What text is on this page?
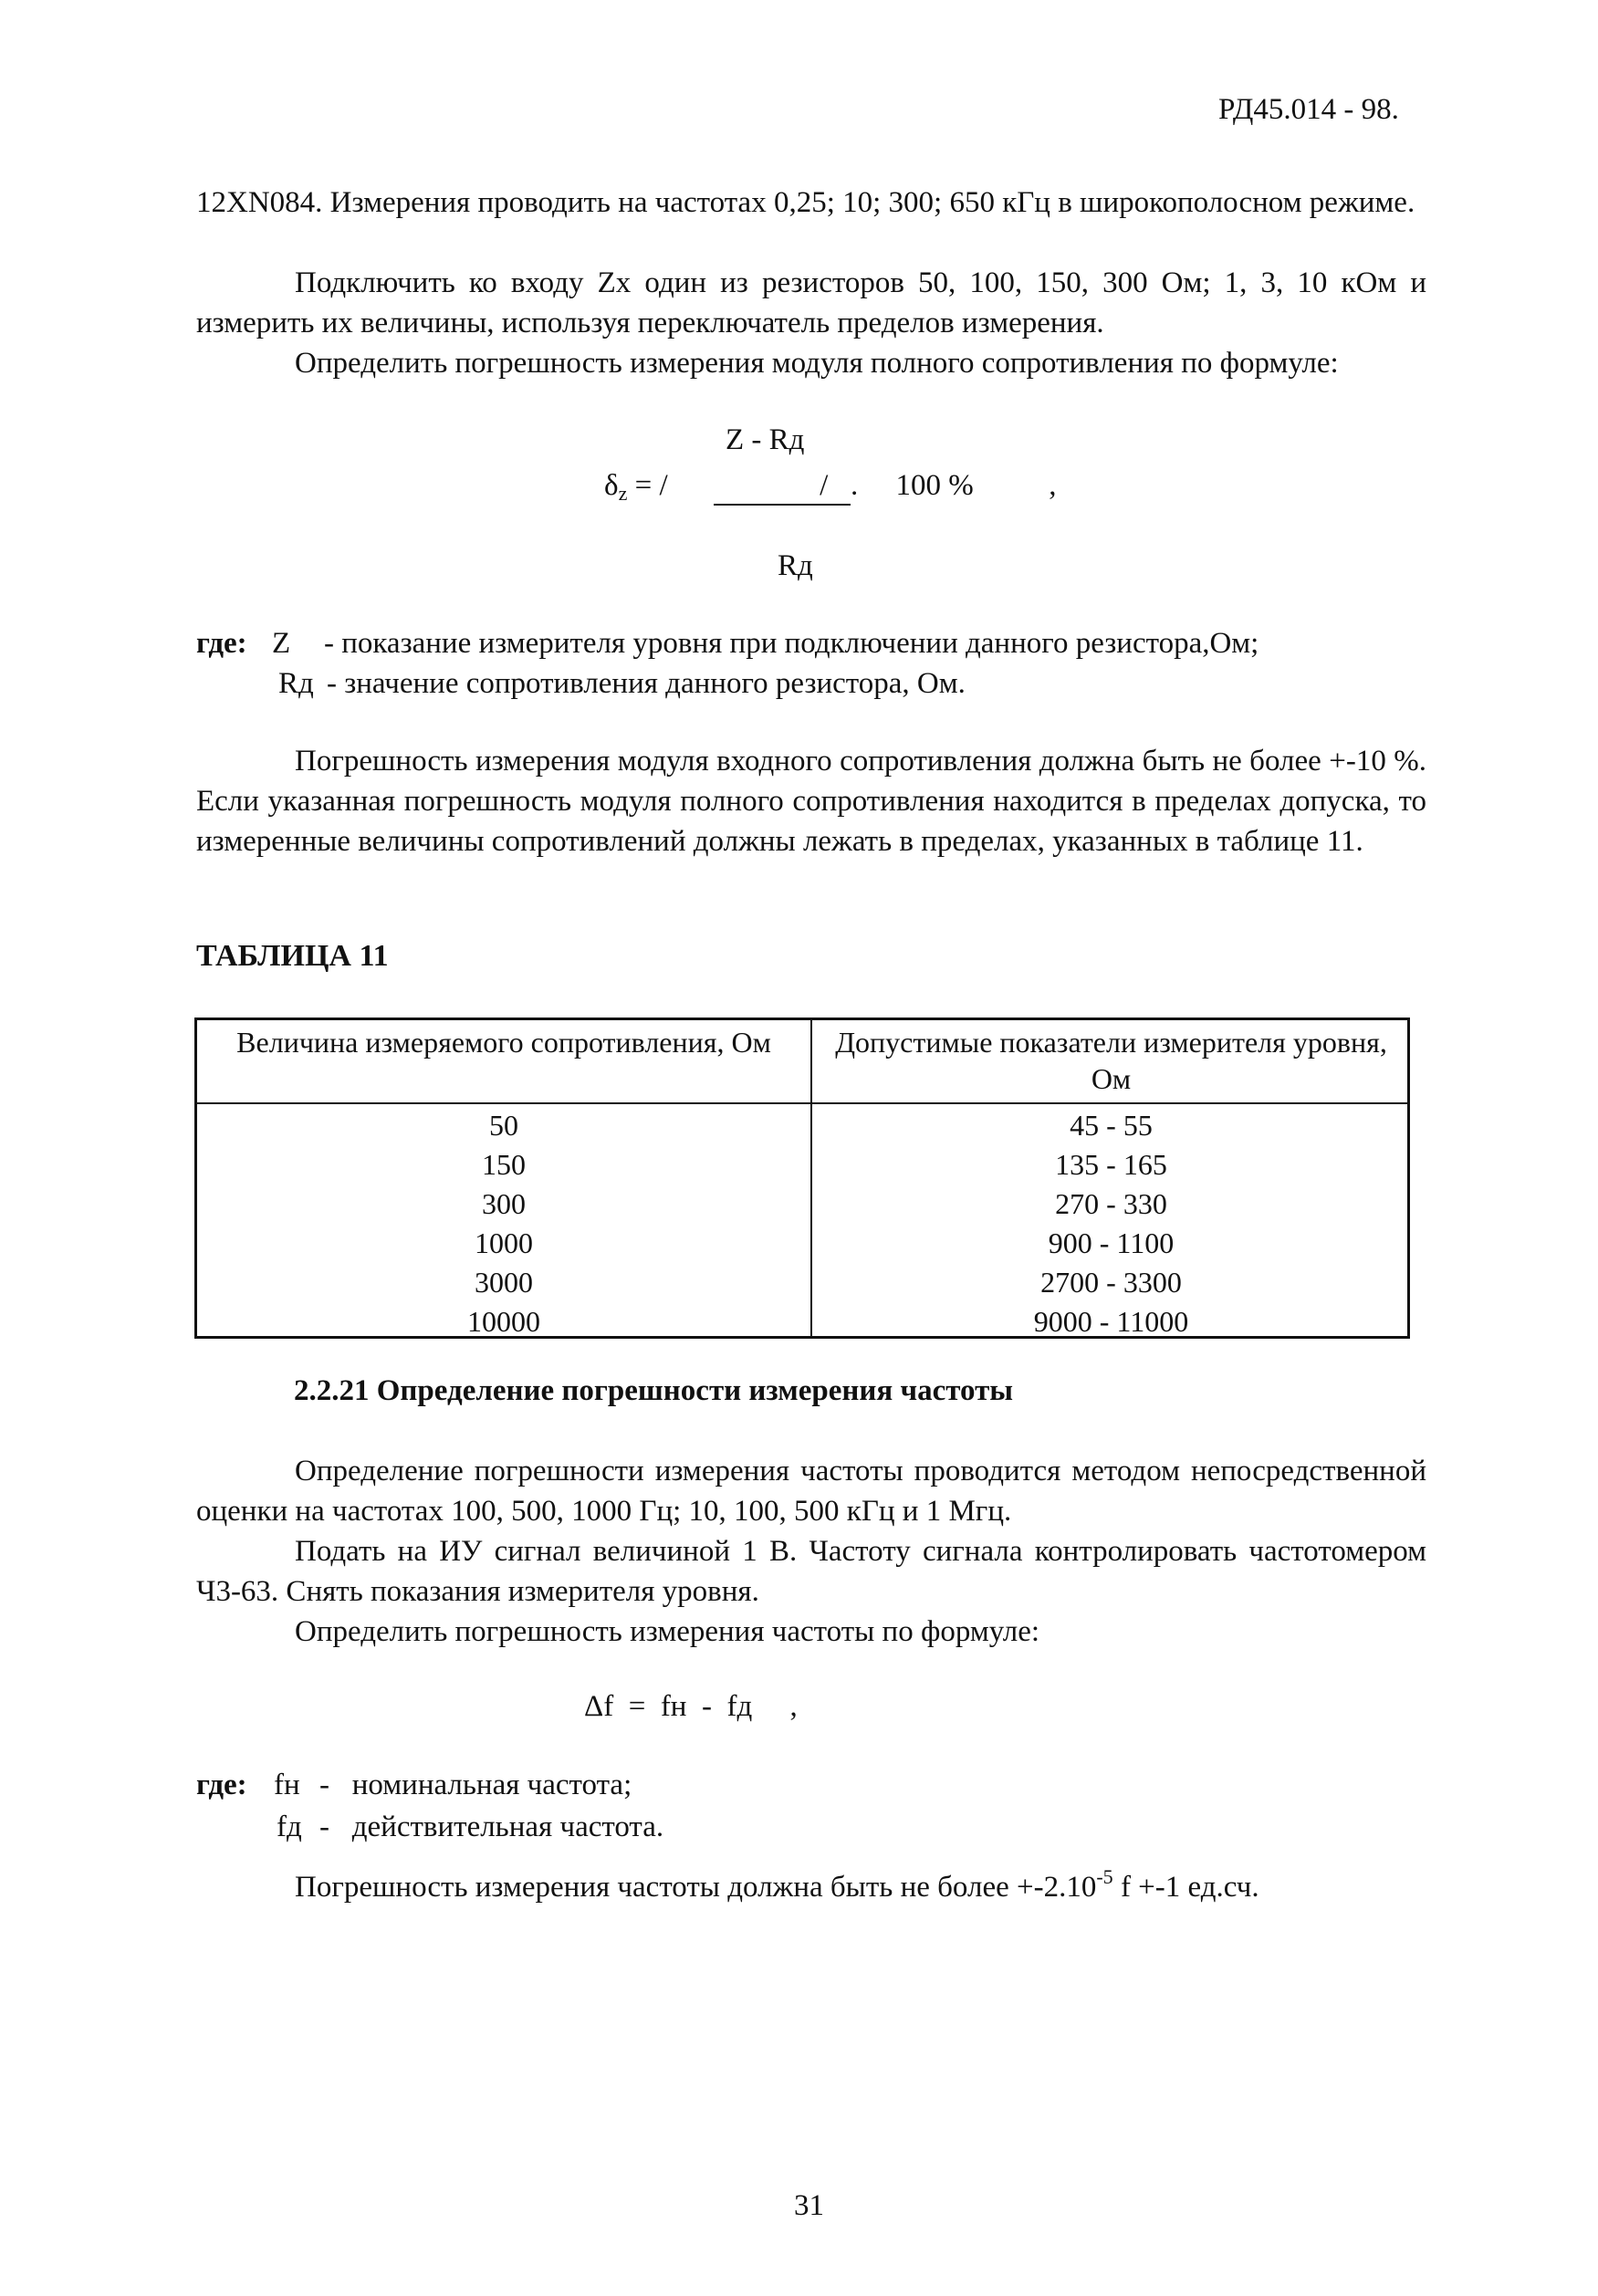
РД45.014 - 98.

12XN084. Измерения проводить на частотах 0,25; 10; 300; 650 кГц в широкополосном режиме.

Подключить ко входу Zх один из резисторов 50, 100, 150, 300 Ом; 1, 3, 10 кОм и измерить их величины, используя переключатель пределов измерения.

Определить погрешность измерения модуля полного сопротивления по формуле:

Z - Rд
$\delta_z$ = /	/   .     100 %          ,
Rд
где: Z - показание измерителя уровня при подключении данного резистора,Ом;
Rд - значение сопротивления данного резистора, Ом.

Погрешность измерения модуля входного сопротивления должна быть не более +-10 %. Если указанная погрешность модуля полного сопротивления находится в пределах допуска, то измеренные величины сопротивлений должны лежать в пределах, указанных в таблице 11.

ТАБЛИЦА 11
Величина измеряемого сопротивления, Ом	Допустимые показатели измерителя уровня, Ом
50
150
300
1000
3000
10000
45 - 55
135 - 165
270 - 330
900 - 1100
2700 - 3300
9000 - 11000
2.2.21 Определение погрешности измерения частоты

Определение погрешности измерения частоты проводится методом непосредственной оценки на частотах 100, 500, 1000 Гц; 10, 100, 500 кГц и 1 Мгц.

Подать на ИУ сигнал величиной 1 В. Частоту сигнала контролировать частотомером Ч3-63. Снять показания измерителя уровня.

Определить погрешность измерения частоты по формуле:

Δf  =  fн  -  fд     ,
где: fн -   номинальная частота;
fд -   действительная частота.
Погрешность измерения частоты должна быть не более $+-2.10^{-5}$ f +-1 ед.сч.
31
